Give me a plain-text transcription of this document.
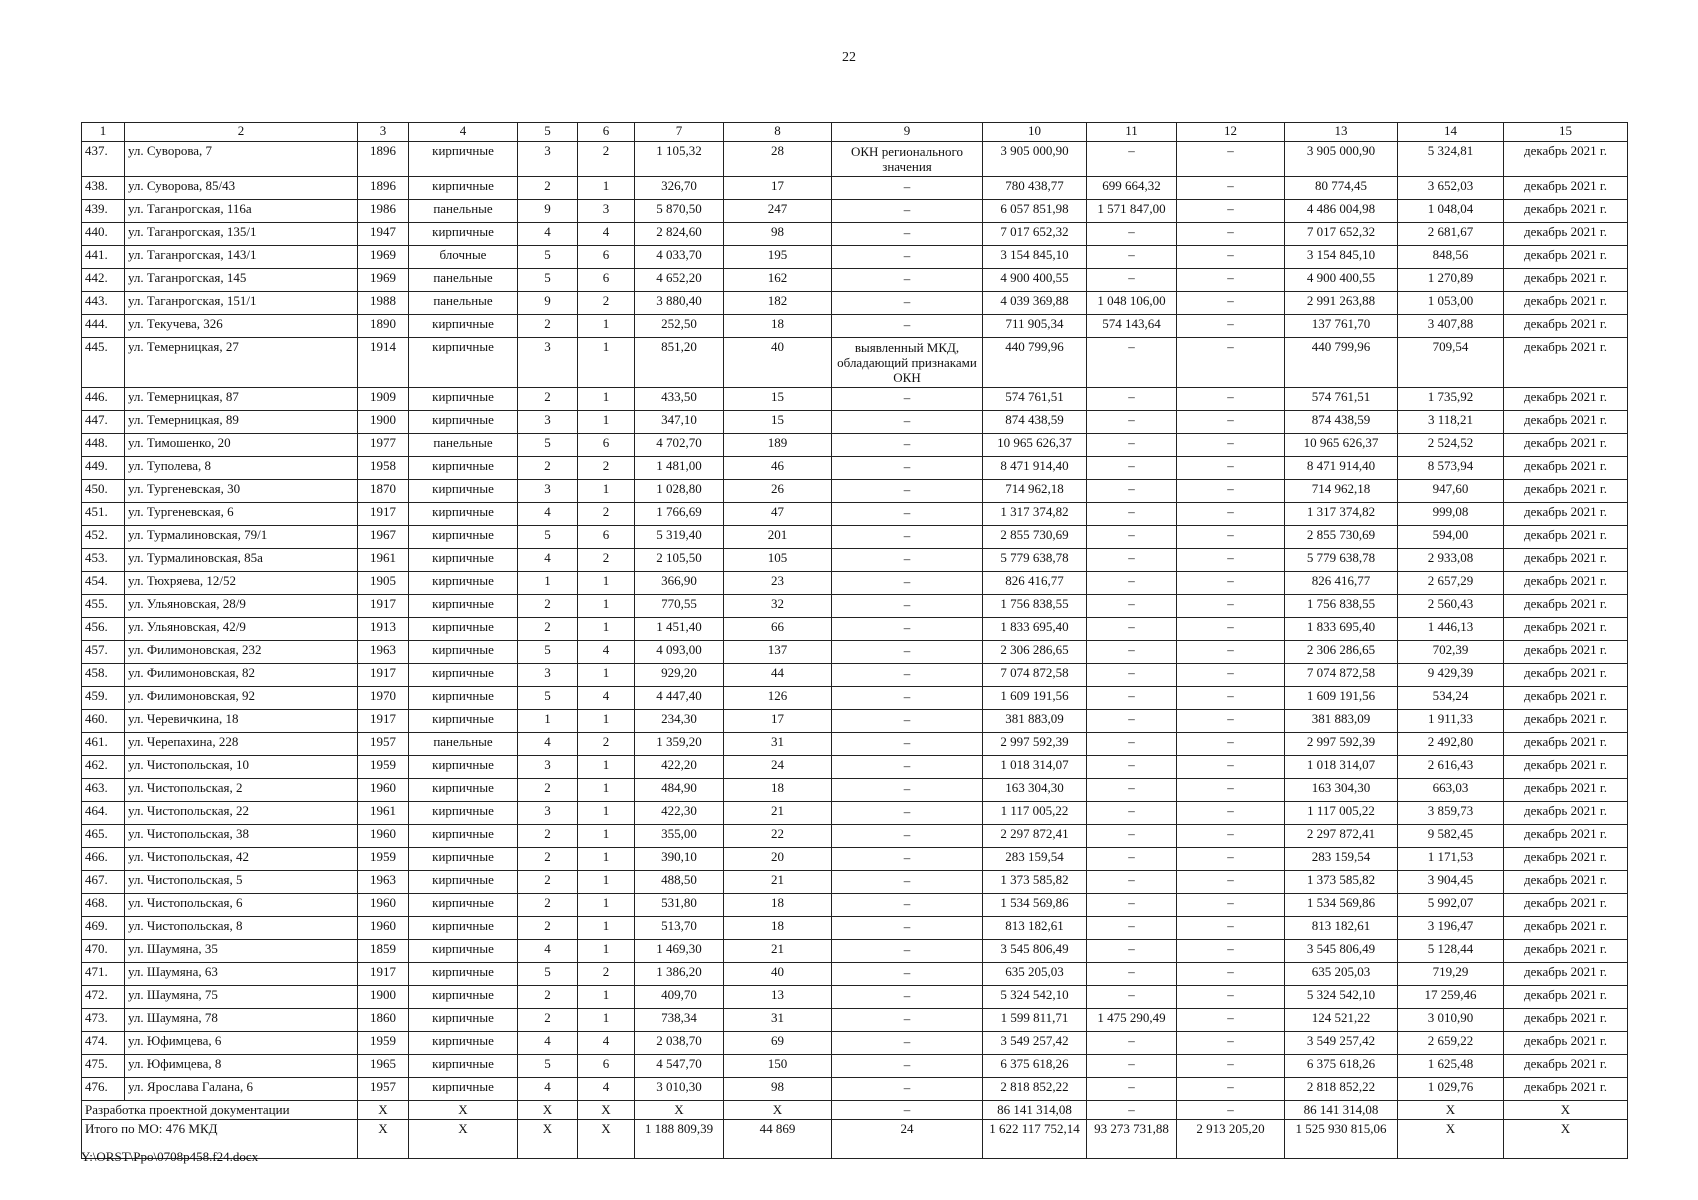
22
1	2	3	4	5	6	7	8	9	10	11	12	13	14	15
437.	ул. Суворова, 7	1896	кирпичные	3	2	1 105,32	28	ОКН регионального значения	3 905 000,90	–	–	3 905 000,90	5 324,81	декабрь 2021 г.
438.	ул. Суворова, 85/43	1896	кирпичные	2	1	326,70	17	–	780 438,77	699 664,32	–	80 774,45	3 652,03	декабрь 2021 г.
439.	ул. Таганрогская, 116а	1986	панельные	9	3	5 870,50	247	–	6 057 851,98	1 571 847,00	–	4 486 004,98	1 048,04	декабрь 2021 г.
440.	ул. Таганрогская, 135/1	1947	кирпичные	4	4	2 824,60	98	–	7 017 652,32	–	–	7 017 652,32	2 681,67	декабрь 2021 г.
441.	ул. Таганрогская, 143/1	1969	блочные	5	6	4 033,70	195	–	3 154 845,10	–	–	3 154 845,10	848,56	декабрь 2021 г.
442.	ул. Таганрогская, 145	1969	панельные	5	6	4 652,20	162	–	4 900 400,55	–	–	4 900 400,55	1 270,89	декабрь 2021 г.
443.	ул. Таганрогская, 151/1	1988	панельные	9	2	3 880,40	182	–	4 039 369,88	1 048 106,00	–	2 991 263,88	1 053,00	декабрь 2021 г.
444.	ул. Текучева, 326	1890	кирпичные	2	1	252,50	18	–	711 905,34	574 143,64	–	137 761,70	3 407,88	декабрь 2021 г.
445.	ул. Темерницкая, 27	1914	кирпичные	3	1	851,20	40	выявленный МКД, обладающий признаками ОКН	440 799,96	–	–	440 799,96	709,54	декабрь 2021 г.
446.	ул. Темерницкая, 87	1909	кирпичные	2	1	433,50	15	–	574 761,51	–	–	574 761,51	1 735,92	декабрь 2021 г.
447.	ул. Темерницкая, 89	1900	кирпичные	3	1	347,10	15	–	874 438,59	–	–	874 438,59	3 118,21	декабрь 2021 г.
448.	ул. Тимошенко, 20	1977	панельные	5	6	4 702,70	189	–	10 965 626,37	–	–	10 965 626,37	2 524,52	декабрь 2021 г.
449.	ул. Туполева, 8	1958	кирпичные	2	2	1 481,00	46	–	8 471 914,40	–	–	8 471 914,40	8 573,94	декабрь 2021 г.
450.	ул. Тургеневская, 30	1870	кирпичные	3	1	1 028,80	26	–	714 962,18	–	–	714 962,18	947,60	декабрь 2021 г.
451.	ул. Тургеневская, 6	1917	кирпичные	4	2	1 766,69	47	–	1 317 374,82	–	–	1 317 374,82	999,08	декабрь 2021 г.
452.	ул. Турмалиновская, 79/1	1967	кирпичные	5	6	5 319,40	201	–	2 855 730,69	–	–	2 855 730,69	594,00	декабрь 2021 г.
453.	ул. Турмалиновская, 85а	1961	кирпичные	4	2	2 105,50	105	–	5 779 638,78	–	–	5 779 638,78	2 933,08	декабрь 2021 г.
454.	ул. Тюхряева, 12/52	1905	кирпичные	1	1	366,90	23	–	826 416,77	–	–	826 416,77	2 657,29	декабрь 2021 г.
455.	ул. Ульяновская, 28/9	1917	кирпичные	2	1	770,55	32	–	1 756 838,55	–	–	1 756 838,55	2 560,43	декабрь 2021 г.
456.	ул. Ульяновская, 42/9	1913	кирпичные	2	1	1 451,40	66	–	1 833 695,40	–	–	1 833 695,40	1 446,13	декабрь 2021 г.
457.	ул. Филимоновская, 232	1963	кирпичные	5	4	4 093,00	137	–	2 306 286,65	–	–	2 306 286,65	702,39	декабрь 2021 г.
458.	ул. Филимоновская, 82	1917	кирпичные	3	1	929,20	44	–	7 074 872,58	–	–	7 074 872,58	9 429,39	декабрь 2021 г.
459.	ул. Филимоновская, 92	1970	кирпичные	5	4	4 447,40	126	–	1 609 191,56	–	–	1 609 191,56	534,24	декабрь 2021 г.
460.	ул. Черевичкина, 18	1917	кирпичные	1	1	234,30	17	–	381 883,09	–	–	381 883,09	1 911,33	декабрь 2021 г.
461.	ул. Черепахина, 228	1957	панельные	4	2	1 359,20	31	–	2 997 592,39	–	–	2 997 592,39	2 492,80	декабрь 2021 г.
462.	ул. Чистопольская, 10	1959	кирпичные	3	1	422,20	24	–	1 018 314,07	–	–	1 018 314,07	2 616,43	декабрь 2021 г.
463.	ул. Чистопольская, 2	1960	кирпичные	2	1	484,90	18	–	163 304,30	–	–	163 304,30	663,03	декабрь 2021 г.
464.	ул. Чистопольская, 22	1961	кирпичные	3	1	422,30	21	–	1 117 005,22	–	–	1 117 005,22	3 859,73	декабрь 2021 г.
465.	ул. Чистопольская, 38	1960	кирпичные	2	1	355,00	22	–	2 297 872,41	–	–	2 297 872,41	9 582,45	декабрь 2021 г.
466.	ул. Чистопольская, 42	1959	кирпичные	2	1	390,10	20	–	283 159,54	–	–	283 159,54	1 171,53	декабрь 2021 г.
467.	ул. Чистопольская, 5	1963	кирпичные	2	1	488,50	21	–	1 373 585,82	–	–	1 373 585,82	3 904,45	декабрь 2021 г.
468.	ул. Чистопольская, 6	1960	кирпичные	2	1	531,80	18	–	1 534 569,86	–	–	1 534 569,86	5 992,07	декабрь 2021 г.
469.	ул. Чистопольская, 8	1960	кирпичные	2	1	513,70	18	–	813 182,61	–	–	813 182,61	3 196,47	декабрь 2021 г.
470.	ул. Шаумяна, 35	1859	кирпичные	4	1	1 469,30	21	–	3 545 806,49	–	–	3 545 806,49	5 128,44	декабрь 2021 г.
471.	ул. Шаумяна, 63	1917	кирпичные	5	2	1 386,20	40	–	635 205,03	–	–	635 205,03	719,29	декабрь 2021 г.
472.	ул. Шаумяна, 75	1900	кирпичные	2	1	409,70	13	–	5 324 542,10	–	–	5 324 542,10	17 259,46	декабрь 2021 г.
473.	ул. Шаумяна, 78	1860	кирпичные	2	1	738,34	31	–	1 599 811,71	1 475 290,49	–	124 521,22	3 010,90	декабрь 2021 г.
474.	ул. Юфимцева, 6	1959	кирпичные	4	4	2 038,70	69	–	3 549 257,42	–	–	3 549 257,42	2 659,22	декабрь 2021 г.
475.	ул. Юфимцева, 8	1965	кирпичные	5	6	4 547,70	150	–	6 375 618,26	–	–	6 375 618,26	1 625,48	декабрь 2021 г.
476.	ул. Ярослава Галана, 6	1957	кирпичные	4	4	3 010,30	98	–	2 818 852,22	–	–	2 818 852,22	1 029,76	декабрь 2021 г.
Разработка проектной документации		X	X	X	X	X	X	–	86 141 314,08	–	–	86 141 314,08	X	X
Итого по МО: 476 МКД		X	X	X	X	1 188 809,39	44 869	24	1 622 117 752,14	93 273 731,88	2 913 205,20	1 525 930 815,06	X	X
Y:\ORST\Ppo\0708p458.f24.docx
